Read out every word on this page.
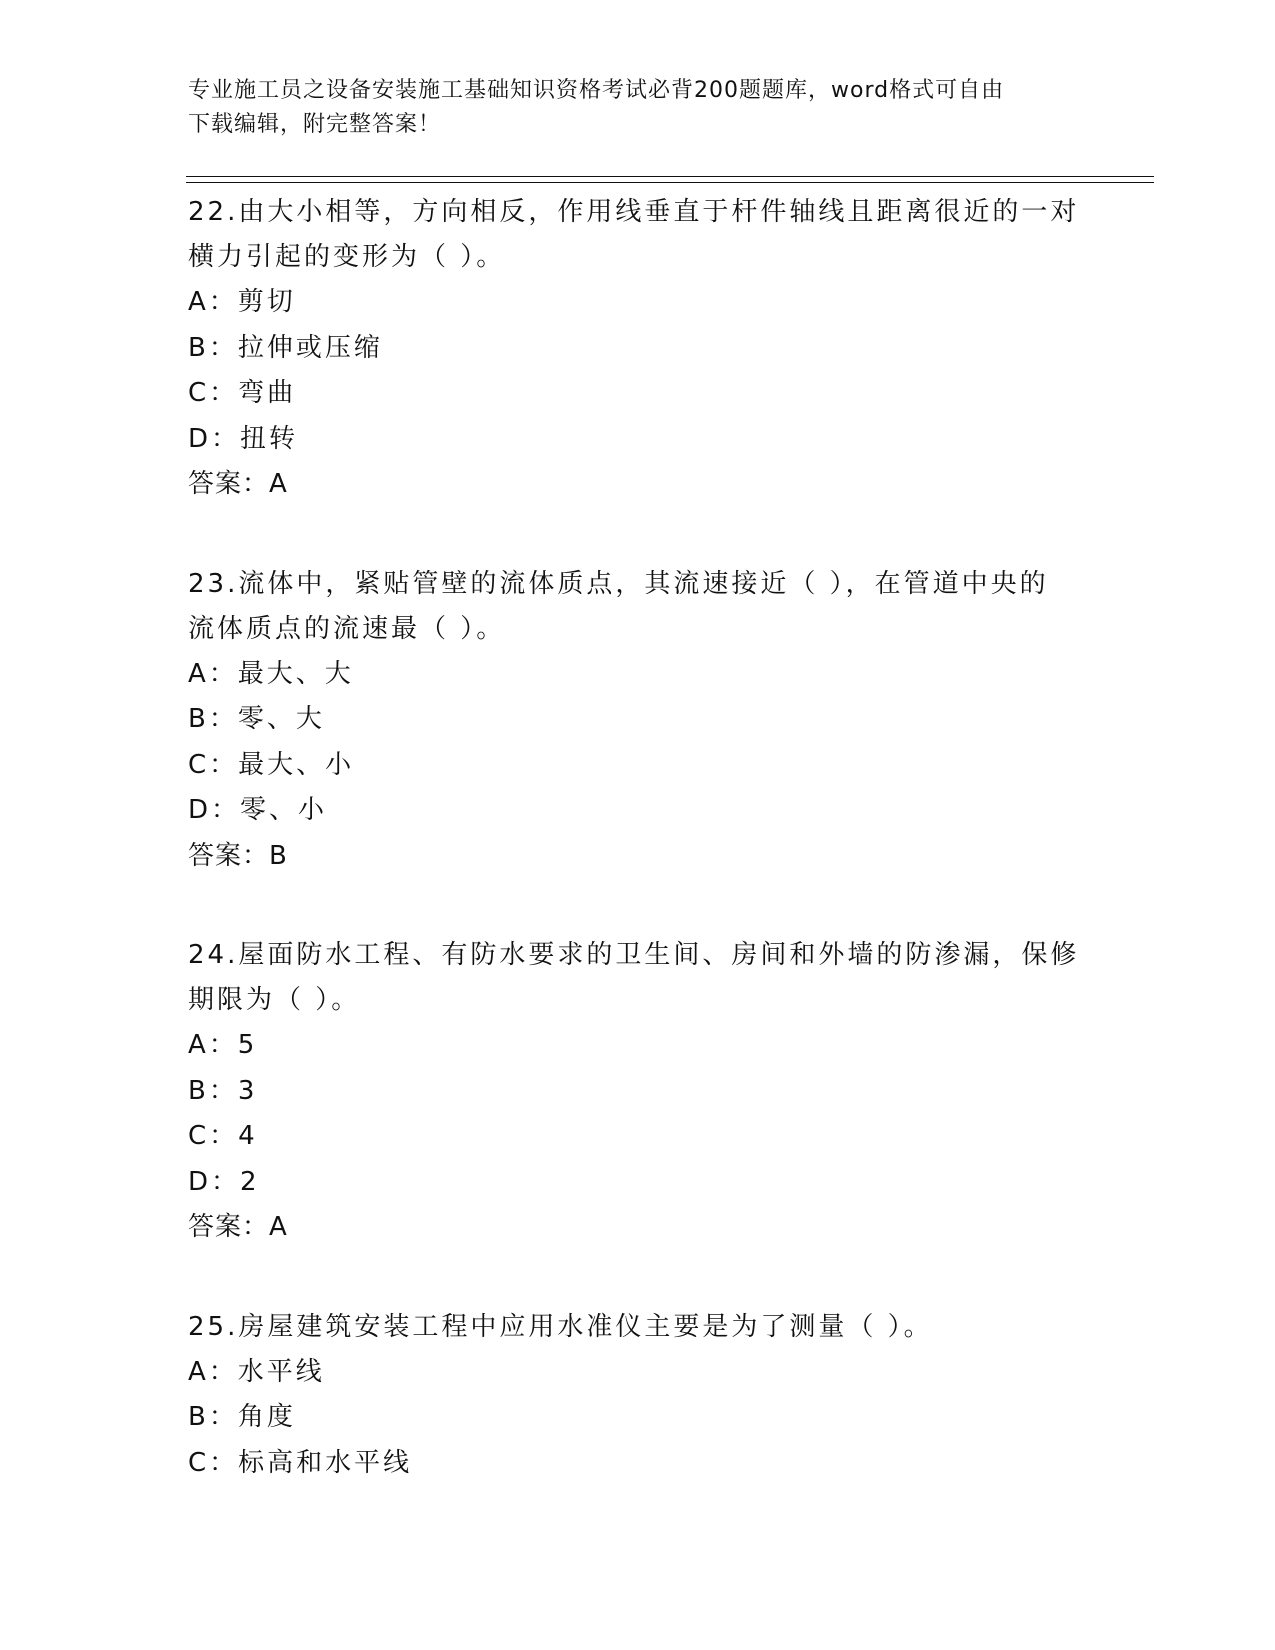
专业施工员之设备安装施工基础知识资格考试必背200题题库，word格式可自由
下载编辑，附完整答案！
22.由大小相等，方向相反，作用线垂直于杆件轴线且距离很近的一对
横力引起的变形为（ ）。
A：剪切
B：拉伸或压缩
C：弯曲
D：扭转
答案：A
23.流体中，紧贴管壁的流体质点，其流速接近（ ），在管道中央的
流体质点的流速最（ ）。
A：最大、大
B：零、大
C：最大、小
D：零、小
答案：B
24.屋面防水工程、有防水要求的卫生间、房间和外墙的防渗漏，保修
期限为（ ）。
A：5
B：3
C：4
D：2
答案：A
25.房屋建筑安装工程中应用水准仪主要是为了测量（ ）。
A：水平线
B：角度
C：标高和水平线
